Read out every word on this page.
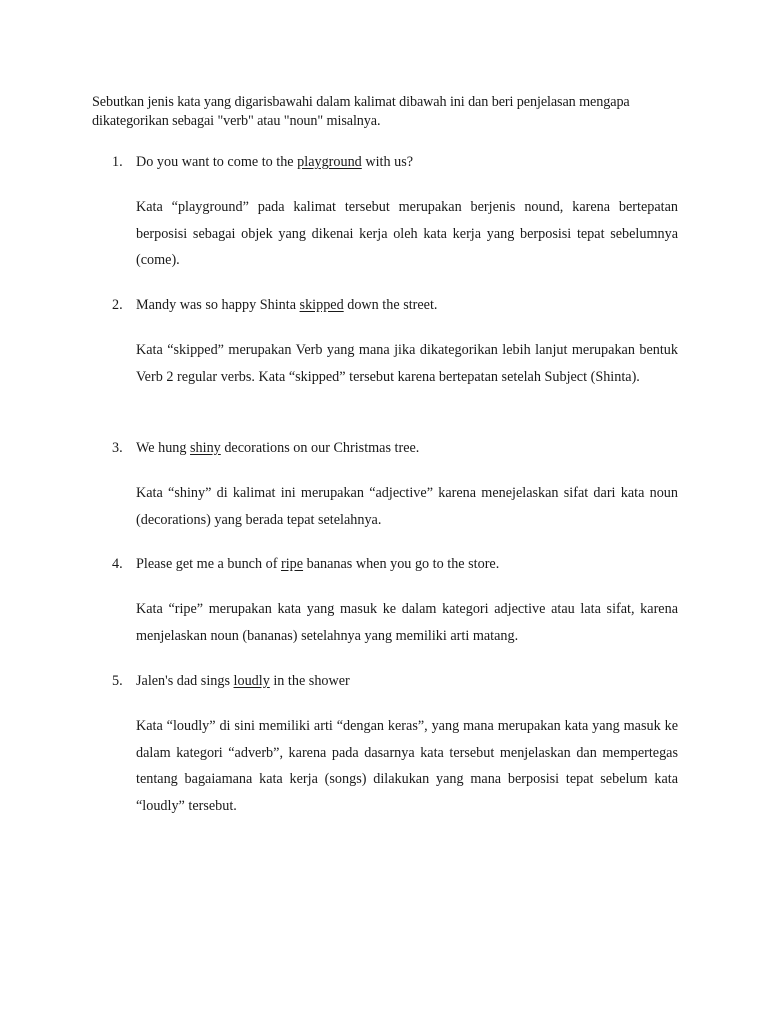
Sebutkan jenis kata yang digarisbawahi dalam kalimat dibawah ini dan beri penjelasan mengapa dikategorikan sebagai "verb" atau "noun" misalnya.

1. Do you want to come to the playground with us?

Kata “playground” pada kalimat tersebut merupakan berjenis nound, karena bertepatan berposisi sebagai objek yang dikenai kerja oleh kata kerja yang berposisi tepat sebelumnya (come).

2. Mandy was so happy Shinta skipped down the street.

Kata “skipped” merupakan Verb yang mana jika dikategorikan lebih lanjut merupakan bentuk Verb 2 regular verbs. Kata “skipped” tersebut karena bertepatan setelah Subject (Shinta).

3. We hung shiny decorations on our Christmas tree.

Kata “shiny” di kalimat ini merupakan “adjective” karena menejelaskan sifat dari kata noun (decorations) yang berada tepat setelahnya.

4. Please get me a bunch of ripe bananas when you go to the store.

Kata “ripe” merupakan kata yang masuk ke dalam kategori adjective atau lata sifat, karena menjelaskan noun (bananas) setelahnya yang memiliki arti matang.

5. Jalen's dad sings loudly in the shower

Kata “loudly” di sini memiliki arti “dengan keras”, yang mana merupakan kata yang masuk ke dalam kategori “adverb”, karena pada dasarnya kata tersebut menjelaskan dan mempertegas tentang bagaiamana kata kerja (songs) dilakukan yang mana berposisi tepat sebelum kata “loudly” tersebut.
